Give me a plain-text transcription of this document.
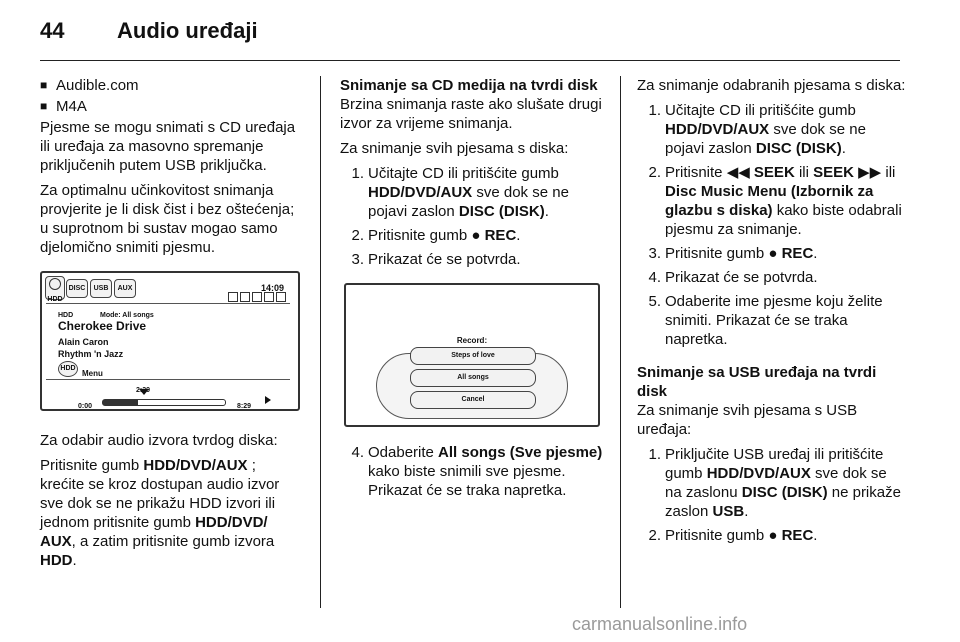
44 Audio uređaji
■ Audible.com
■ M4A

Pjesme se mogu snimati s CD uređaja ili uređaja za masovno spremanje priključenih putem USB priključka.

Za optimalnu učinkovitost snimanja provjerite je li disk čist i bez oštećenja; u suprotnom bi sustav mogao samo djelomično snimiti pjesmu.

HDD
DISC	USB	AUX	14:09
HDD	Mode: All songs
Cherokee Drive
Alain Caron
Rhythm 'n Jazz
HDD
Menu
2:29
0:00	8:29

Za odabir audio izvora tvrdog diska:

Pritisnite gumb HDD/DVD/AUX ; krećite se kroz dostupan audio izvor sve dok se ne prikažu HDD izvori ili jednom pritisnite gumb HDD/DVD/ AUX, a zatim pritisnite gumb izvora HDD.

Snimanje sa CD medija na tvrdi disk

Brzina snimanja raste ako slušate drugi izvor za vrijeme snimanja.

Za snimanje svih pjesama s diska:

1. Učitajte CD ili pritišćite gumb HDD/DVD/AUX sve dok se ne pojavi zaslon DISC (DISK).
2. Pritisnite gumb ● REC.
3. Prikazat će se potvrda.
Record:
Steps of love
All songs
Cancel
4. Odaberite All songs (Sve pjesme) kako biste snimili sve pjesme. Prikazat će se traka napretka.

Za snimanje odabranih pjesama s diska:

1. Učitajte CD ili pritišćite gumb HDD/DVD/AUX sve dok se ne pojavi zaslon DISC (DISK).
2. Pritisnite ◀◀ SEEK ili SEEK ▶▶ ili Disc Music Menu (Izbornik za glazbu s diska) kako biste odabrali pjesmu za snimanje.
3. Pritisnite gumb ● REC.
4. Prikazat će se potvrda.
5. Odaberite ime pjesme koju želite snimiti. Prikazat će se traka napretka.

Snimanje sa USB uređaja na tvrdi disk

Za snimanje svih pjesama s USB uređaja:

1. Priključite USB uređaj ili pritišćite gumb HDD/DVD/AUX sve dok se na zaslonu DISC (DISK) ne prikaže zaslon USB.
2. Pritisnite gumb ● REC.
carmanualsonline.info
